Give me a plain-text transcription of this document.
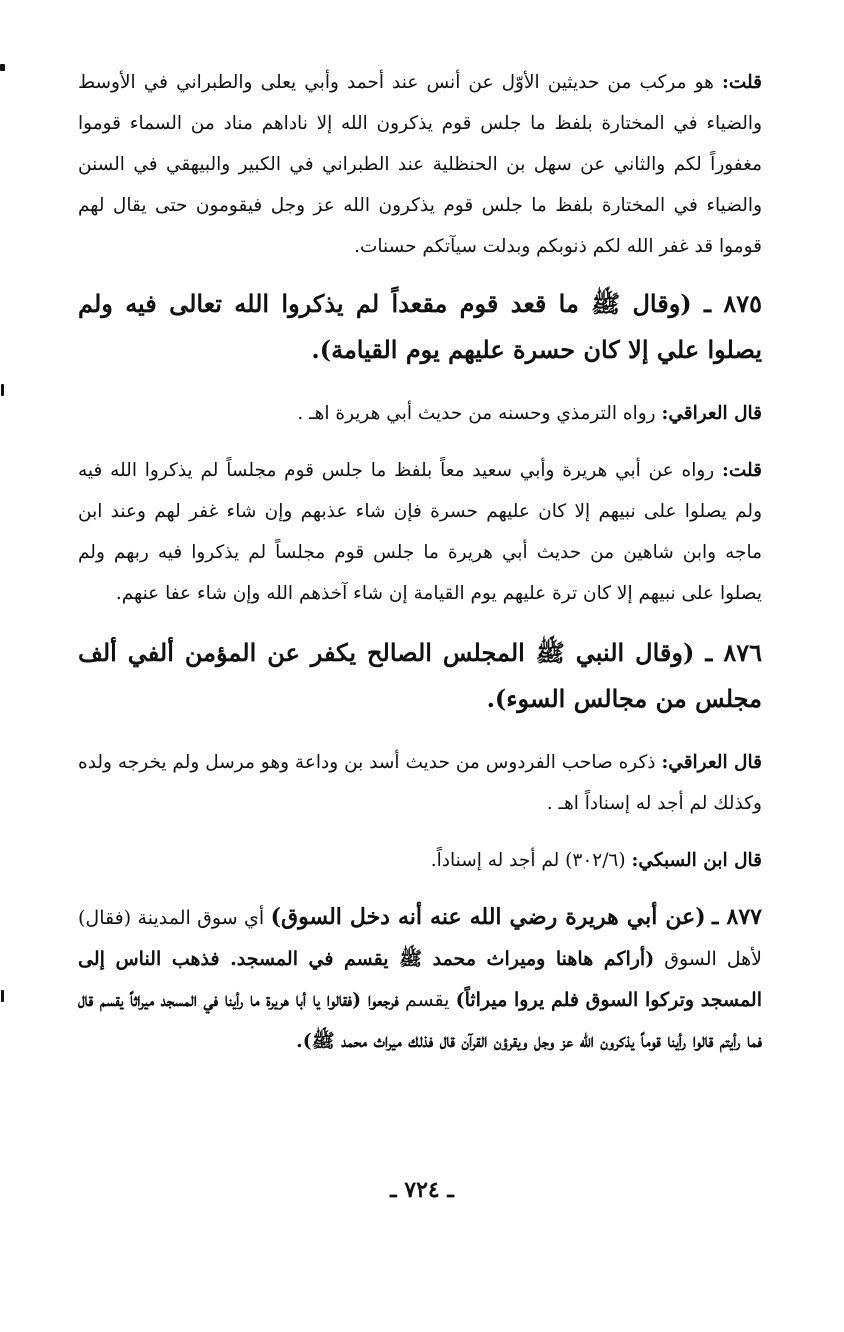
قلت: هو مركب من حديثين الأوّل عن أنس عند أحمد وأبي يعلى والطبراني في الأوسط والضياء في المختارة بلفظ ما جلس قوم يذكرون الله إلا ناداهم مناد من السماء قوموا مغفوراً لكم والثاني عن سهل بن الحنظلية عند الطبراني في الكبير والبيهقي في السنن والضياء في المختارة بلفظ ما جلس قوم يذكرون الله عز وجل فيقومون حتى يقال لهم قوموا قد غفر الله لكم ذنوبكم وبدلت سيآتكم حسنات.

٨٧٥ ـ (وقال ﷺ ما قعد قوم مقعداً لم يذكروا الله تعالى فيه ولم يصلوا علي إلا كان حسرة عليهم يوم القيامة).

قال العراقي: رواه الترمذي وحسنه من حديث أبي هريرة اهـ .

قلت: رواه عن أبي هريرة وأبي سعيد معاً بلفظ ما جلس قوم مجلساً لم يذكروا الله فيه ولم يصلوا على نبيهم إلا كان عليهم حسرة فإن شاء عذبهم وإن شاء غفر لهم وعند ابن ماجه وابن شاهين من حديث أبي هريرة ما جلس قوم مجلساً لم يذكروا فيه ربهم ولم يصلوا على نبيهم إلا كان ترة عليهم يوم القيامة إن شاء آخذهم الله وإن شاء عفا عنهم.

٨٧٦ ـ (وقال النبي ﷺ المجلس الصالح يكفر عن المؤمن ألفي ألف مجلس من مجالس السوء).

قال العراقي: ذكره صاحب الفردوس من حديث أسد بن وداعة وهو مرسل ولم يخرجه ولده وكذلك لم أجد له إسناداً اهـ .

قال ابن السبكي: (٣٠٢/٦) لم أجد له إسناداً.

٨٧٧ ـ (عن أبي هريرة رضي الله عنه أنه دخل السوق) أي سوق المدينة (فقال) لأهل السوق (أراكم هاهنا وميراث محمد ﷺ يقسم في المسجد. فذهب الناس إلى المسجد وتركوا السوق فلم يروا ميراثاً) يقسم فرجعوا (فقالوا يا أبا هريرة ما رأينا في المسجد ميراثاً يقسم قال فما رأيتم قالوا رأينا قوماً يذكرون الله عز وجل ويقرؤن القرآن قال فذلك ميراث محمد ﷺ).

ـ ٧٢٤ ـ
